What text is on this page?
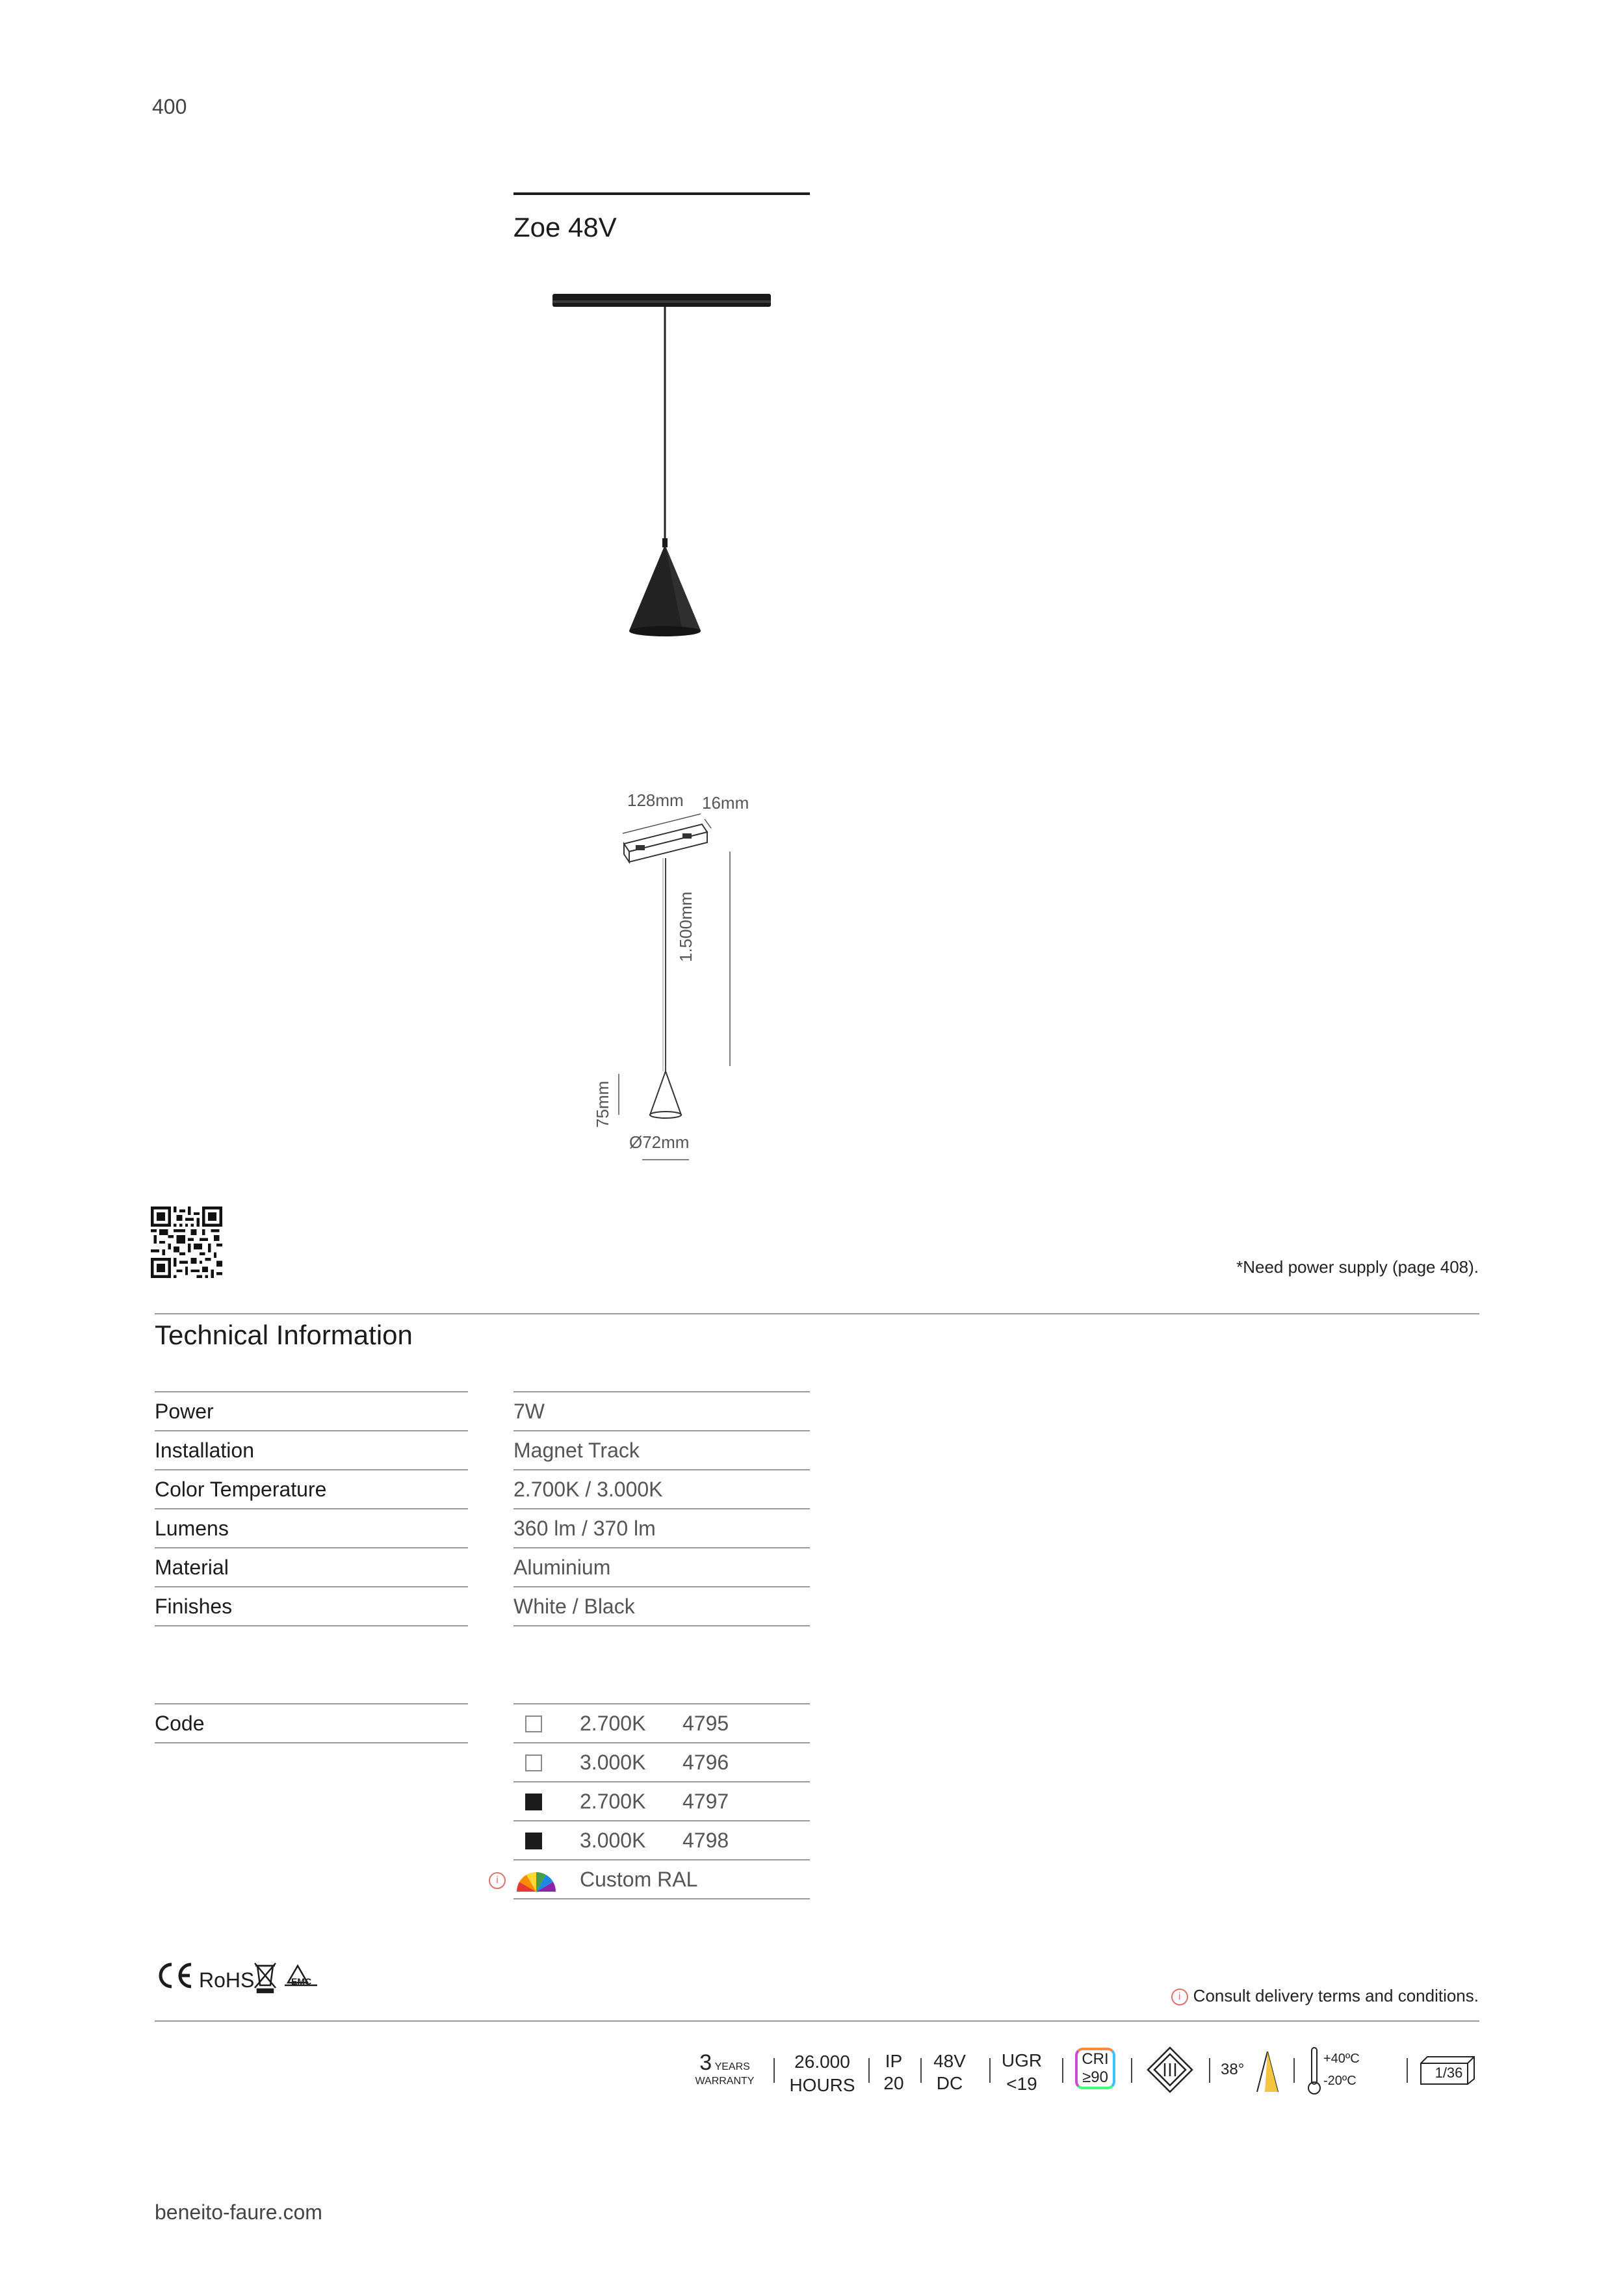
400
Zoe 48V
128mm 16mm
1.500mm
75mm
Ø72mm
*Need power supply (page 408).
Technical Information
Power	7W
Installation	Magnet Track
Color Temperature	2.700K / 3.000K
Lumens	360 lm / 370 lm
Material	Aluminium
Finishes	White / Black
Code	2.700K 4795
3.000K 4796
2.700K 4797
3.000K 4798
Custom RAL
i
RoHS	EMC
i Consult delivery terms and conditions.
3 YEARS
WARRANTY
26.000
HOURS
IP
20
48V
DC
UGR
<19
CRI
≥90	38°
+40ºC
-20ºC	1/36
beneito-faure.com
